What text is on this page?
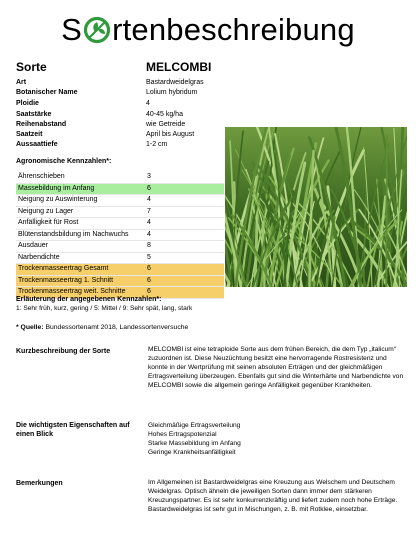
S rtenbeschreibung
Sorte	MELCOMBI
Art	Bastardweidelgras
Botanischer Name	Lolium hybridum
Ploidie	4
Saatstärke	40-45 kg/ha
Reihenabstand	wie Getreide
Saatzeit	April bis August
Aussaattiefe	1-2 cm
Agronomische Kennzahlen*:
Ährenschieben	3
Massebildung im Anfang	6
Neigung zu Auswinterung	4
Neigung zu Lager	7
Anfälligkeit für Rost	4
Blütenstandsbildung im Nachwuchs	4
Ausdauer	8
Narbendichte	5
Trockenmasseertrag Gesamt	6
Trockenmasseertrag 1. Schnitt	6
Trockenmasseertrag weit. Schnitte	6
Erläuterung der angegebenen Kennzahlen*:
1: Sehr früh, kurz, gering / 5: Mittel / 9: Sehr spät, lang, stark
* Quelle: Bundessortenamt 2018, Landessortenversuche
Kurzbeschreibung der Sorte	MELCOMBI ist eine tetraploide Sorte aus dem frühen Bereich, die dem Typ „italicum“ zuzuordnen ist. Diese Neuzüchtung besitzt eine hervorragende Rostresistenz und konnte in der Wertprüfung mit seinen absoluten Erträgen und der gleichmäßigen Ertragsverteilung überzeugen. Ebenfalls gut sind die Winterhärte und Narbendichte von MELCOMBI sowie die allgemein geringe Anfälligkeit gegenüber Krankheiten.
Die wichtigsten Eigenschaften auf einen Blick
Gleichmäßige Ertragsverteilung
Hohes Ertragspotenzial
Starke Massebildung im Anfang
Geringe Krankheitsanfälligkeit
Bemerkungen	Im Allgemeinen ist Bastardweidelgras eine Kreuzung aus Welschem und Deutschem Weidelgras. Optisch ähneln die jeweiligen Sorten dann immer dem stärkeren Kreuzungspartner. Es ist sehr konkurrenzkräftig und liefert zudem noch hohe Erträge. Bastardweidelgras ist sehr gut in Mischungen, z. B. mit Rotklee, einsetzbar.
